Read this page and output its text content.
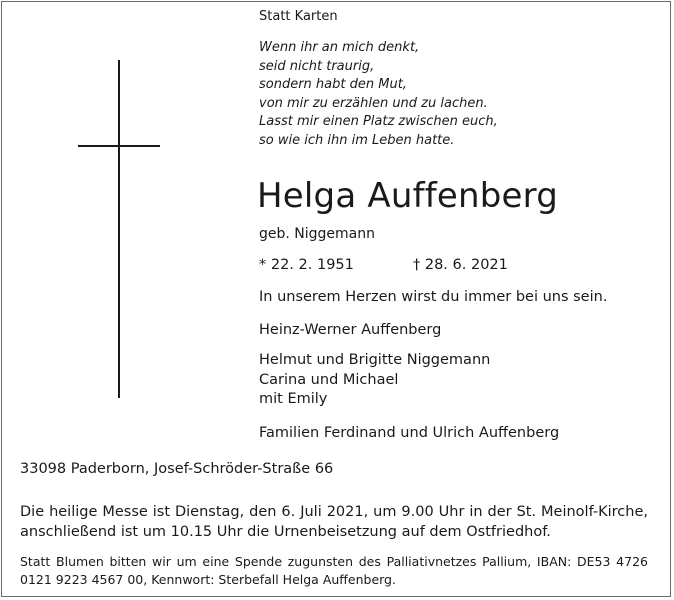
Statt Karten
Wenn ihr an mich denkt,
seid nicht traurig,
sondern habt den Mut,
von mir zu erzählen und zu lachen.
Lasst mir einen Platz zwischen euch,
so wie ich ihn im Leben hatte.
Helga Auffenberg
geb. Niggemann
* 22. 2. 1951	† 28. 6. 2021
In unserem Herzen wirst du immer bei uns sein.
Heinz-Werner Auffenberg
Helmut und Brigitte Niggemann
Carina und Michael
mit Emily
Familien Ferdinand und Ulrich Auffenberg
33098 Paderborn, Josef-Schröder-Straße 66
Die heilige Messe ist Dienstag, den 6. Juli 2021, um 9.00 Uhr in der St. Meinolf-Kirche, anschließend ist um 10.15 Uhr die Urnenbeisetzung auf dem Ostfriedhof.
Statt Blumen bitten wir um eine Spende zugunsten des Palliativnetzes Pallium, IBAN: DE53 4726 0121 9223 4567 00, Kennwort: Sterbefall Helga Auffenberg.
